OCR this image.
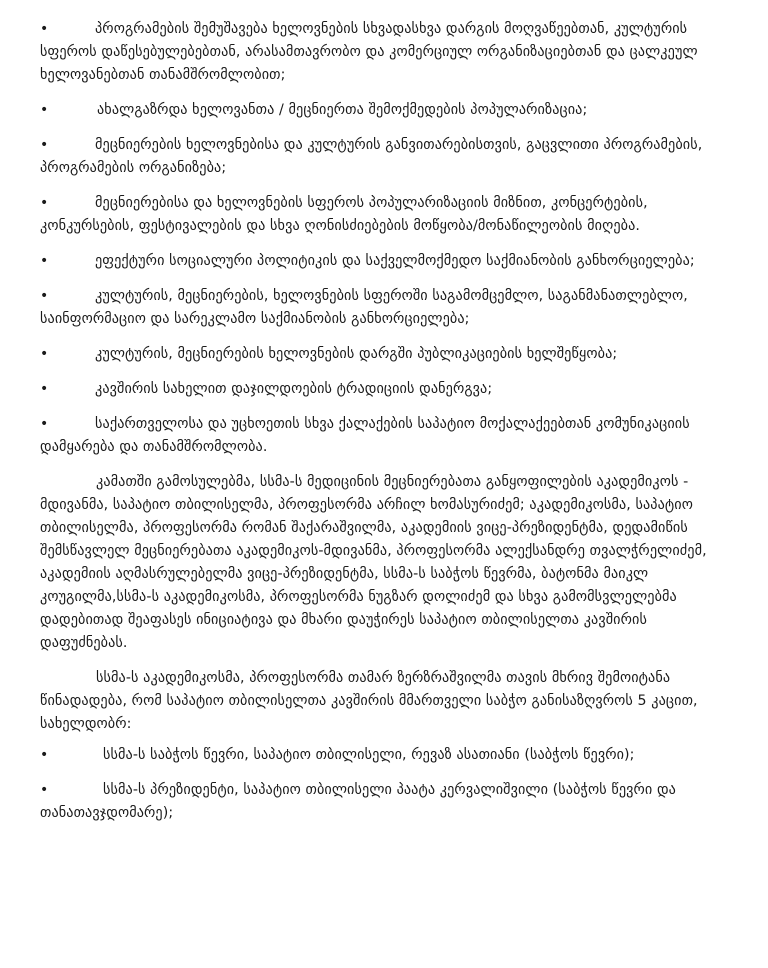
•	პროგრამების შემუშავება ხელოვნების სხვადასხვა დარგის მოღვაწეებთან, კულტურის სფეროს დაწესებულებებთან, არასამთავრობო და კომერციულ ორგანიზაციებთან და ცალკეულ ხელოვანებთან თანამშრომლობით;
•	ახალგაზრდა ხელოვანთა / მეცნიერთა შემოქმედების პოპულარიზაცია;
•	მეცნიერების ხელოვნებისა და კულტურის განვითარებისთვის, გაცვლითი პროგრამების, პროგრამების ორგანიზება;
•	მეცნიერებისა და ხელოვნების სფეროს პოპულარიზაციის მიზნით, კონცერტების, კონკურსების, ფესტივალების და სხვა ღონისძიებების მოწყობა/მონაწილეობის მიღება.
•	ეფექტური სოციალური პოლიტიკის და საქველმოქმედო საქმიანობის განხორციელება;
•	კულტურის, მეცნიერების, ხელოვნების სფეროში საგამომცემლო, საგანმანათლებლო, საინფორმაციო და სარეკლამო საქმიანობის განხორციელება;
•	კულტურის, მეცნიერების ხელოვნების დარგში პუბლიკაციების ხელშეწყობა;
•	კავშირის სახელით დაჯილდოების ტრადიციის დანერგვა;
•	საქართველოსა და უცხოეთის სხვა ქალაქების საპატიო მოქალაქეებთან კომუნიკაციის დამყარება და თანამშრომლობა.

კამათში გამოსულებმა, სსმა-ს მედიცინის მეცნიერებათა განყოფილების აკადემიკოს - მდივანმა, საპატიო თბილისელმა, პროფესორმა არჩილ ხომასურიძემ; აკადემიკოსმა, საპატიო თბილისელმა, პროფესორმა რომან შაქარაშვილმა, აკადემიის ვიცე-პრეზიდენტმა, დედამიწის შემსწავლელ მეცნიერებათა აკადემიკოს-მდივანმა, პროფესორმა ალექსანდრე თვალჭრელიძემ, აკადემიის აღმასრულებელმა ვიცე-პრეზიდენტმა, სსმა-ს საბჭოს წევრმა, ბატონმა მაიკლ კოუგილმა,სსმა-ს აკადემიკოსმა, პროფესორმა ნუგზარ დოლიძემ და სხვა გამომსვლელებმა დადებითად შეაფასეს ინიციატივა და მხარი დაუჭირეს საპატიო თბილისელთა კავშირის დაფუძნებას.

სსმა-ს აკადემიკოსმა, პროფესორმა თამარ ზერზრაშვილმა თავის მხრივ შემოიტანა წინადადება, რომ საპატიო თბილისელთა კავშირის მმართველი საბჭო განისაზღვროს 5 კაცით, სახელდობრ:

•	სსმა-ს საბჭოს წევრი, საპატიო თბილისელი, რევაზ ასათიანი (საბჭოს წევრი);
•	სსმა-ს პრეზიდენტი, საპატიო თბილისელი პაატა კერვალიშვილი (საბჭოს წევრი და თანათავჯდომარე);
